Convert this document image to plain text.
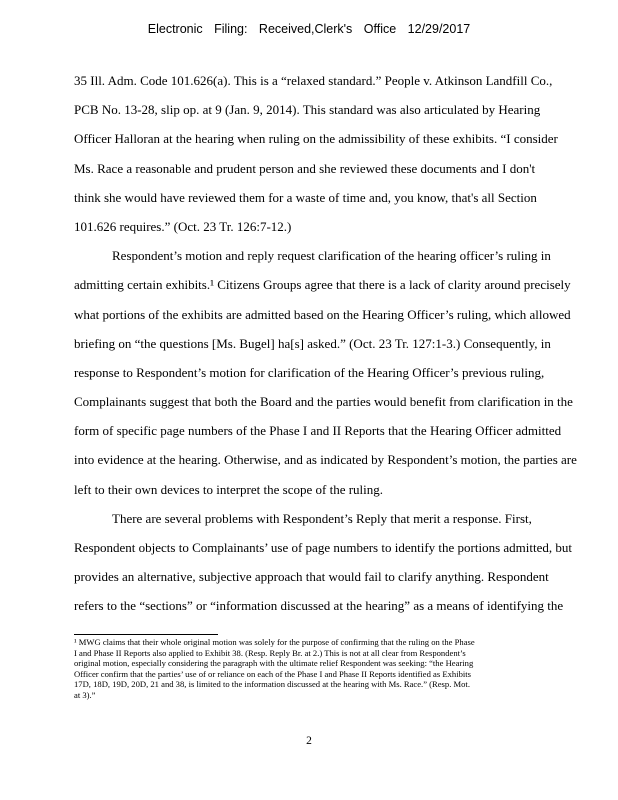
Electronic Filing: Received,Clerk's Office 12/29/2017
35 Ill. Adm. Code 101.626(a). This is a “relaxed standard.” People v. Atkinson Landfill Co.,
PCB No. 13-28, slip op. at 9 (Jan. 9, 2014). This standard was also articulated by Hearing
Officer Halloran at the hearing when ruling on the admissibility of these exhibits. “I consider
Ms. Race a reasonable and prudent person and she reviewed these documents and I don't
think she would have reviewed them for a waste of time and, you know, that's all Section
101.626 requires.” (Oct. 23 Tr. 126:7-12.)
Respondent’s motion and reply request clarification of the hearing officer’s ruling in
admitting certain exhibits.¹ Citizens Groups agree that there is a lack of clarity around precisely
what portions of the exhibits are admitted based on the Hearing Officer’s ruling, which allowed
briefing on “the questions [Ms. Bugel] ha[s] asked.” (Oct. 23 Tr. 127:1-3.) Consequently, in
response to Respondent’s motion for clarification of the Hearing Officer’s previous ruling,
Complainants suggest that both the Board and the parties would benefit from clarification in the
form of specific page numbers of the Phase I and II Reports that the Hearing Officer admitted
into evidence at the hearing. Otherwise, and as indicated by Respondent’s motion, the parties are
left to their own devices to interpret the scope of the ruling.
There are several problems with Respondent’s Reply that merit a response. First,
Respondent objects to Complainants’ use of page numbers to identify the portions admitted, but
provides an alternative, subjective approach that would fail to clarify anything. Respondent
refers to the “sections” or “information discussed at the hearing” as a means of identifying the
¹ MWG claims that their whole original motion was solely for the purpose of confirming that the ruling on the Phase
I and Phase II Reports also applied to Exhibit 38. (Resp. Reply Br. at 2.) This is not at all clear from Respondent’s
original motion, especially considering the paragraph with the ultimate relief Respondent was seeking: “the Hearing
Officer confirm that the parties’ use of or reliance on each of the Phase I and Phase II Reports identified as Exhibits
17D, 18D, 19D, 20D, 21 and 38, is limited to the information discussed at the hearing with Ms. Race.” (Resp. Mot.
at 3).”
2
